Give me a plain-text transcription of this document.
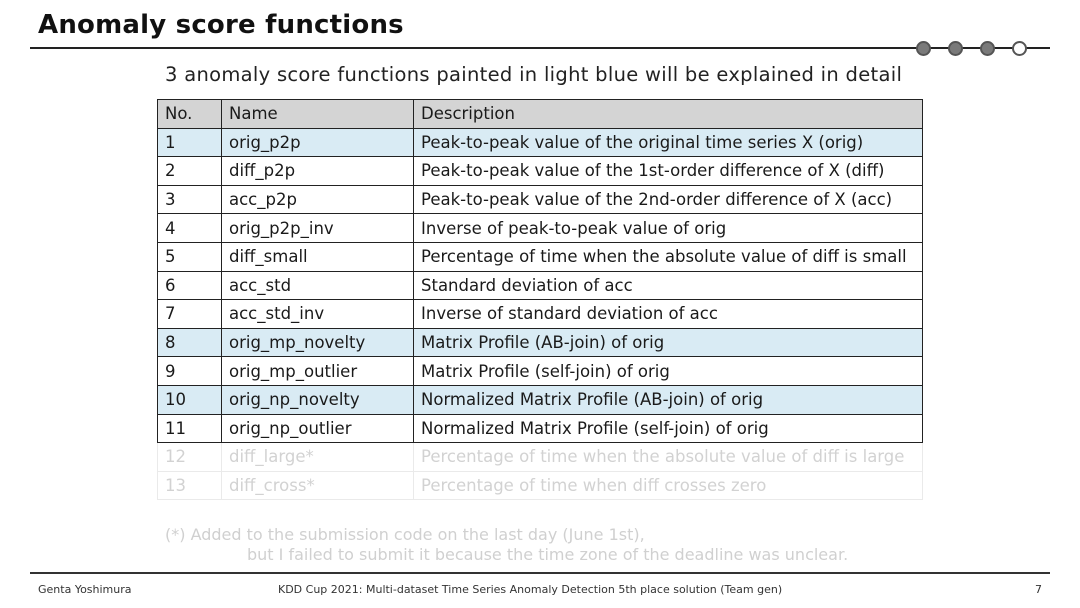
Anomaly score functions
3 anomaly score functions painted in light blue will be explained in detail
No.	Name	Description
1	orig_p2p	Peak-to-peak value of the original time series X (orig)
2	diff_p2p	Peak-to-peak value of the 1st-order difference of X (diff)
3	acc_p2p	Peak-to-peak value of the 2nd-order difference of X (acc)
4	orig_p2p_inv	Inverse of peak-to-peak value of orig
5	diff_small	Percentage of time when the absolute value of diff is small
6	acc_std	Standard deviation of acc
7	acc_std_inv	Inverse of standard deviation of acc
8	orig_mp_novelty	Matrix Profile (AB-join) of orig
9	orig_mp_outlier	Matrix Profile (self-join) of orig
10	orig_np_novelty	Normalized Matrix Profile (AB-join) of orig
11	orig_np_outlier	Normalized Matrix Profile (self-join) of orig
12	diff_large*	Percentage of time when the absolute value of diff is large
13	diff_cross*	Percentage of time when diff crosses zero
(*) Added to the submission code on the last day (June 1st),
but I failed to submit it because the time zone of the deadline was unclear.
Genta Yoshimura	KDD Cup 2021: Multi-dataset Time Series Anomaly Detection 5th place solution (Team gen)	7
